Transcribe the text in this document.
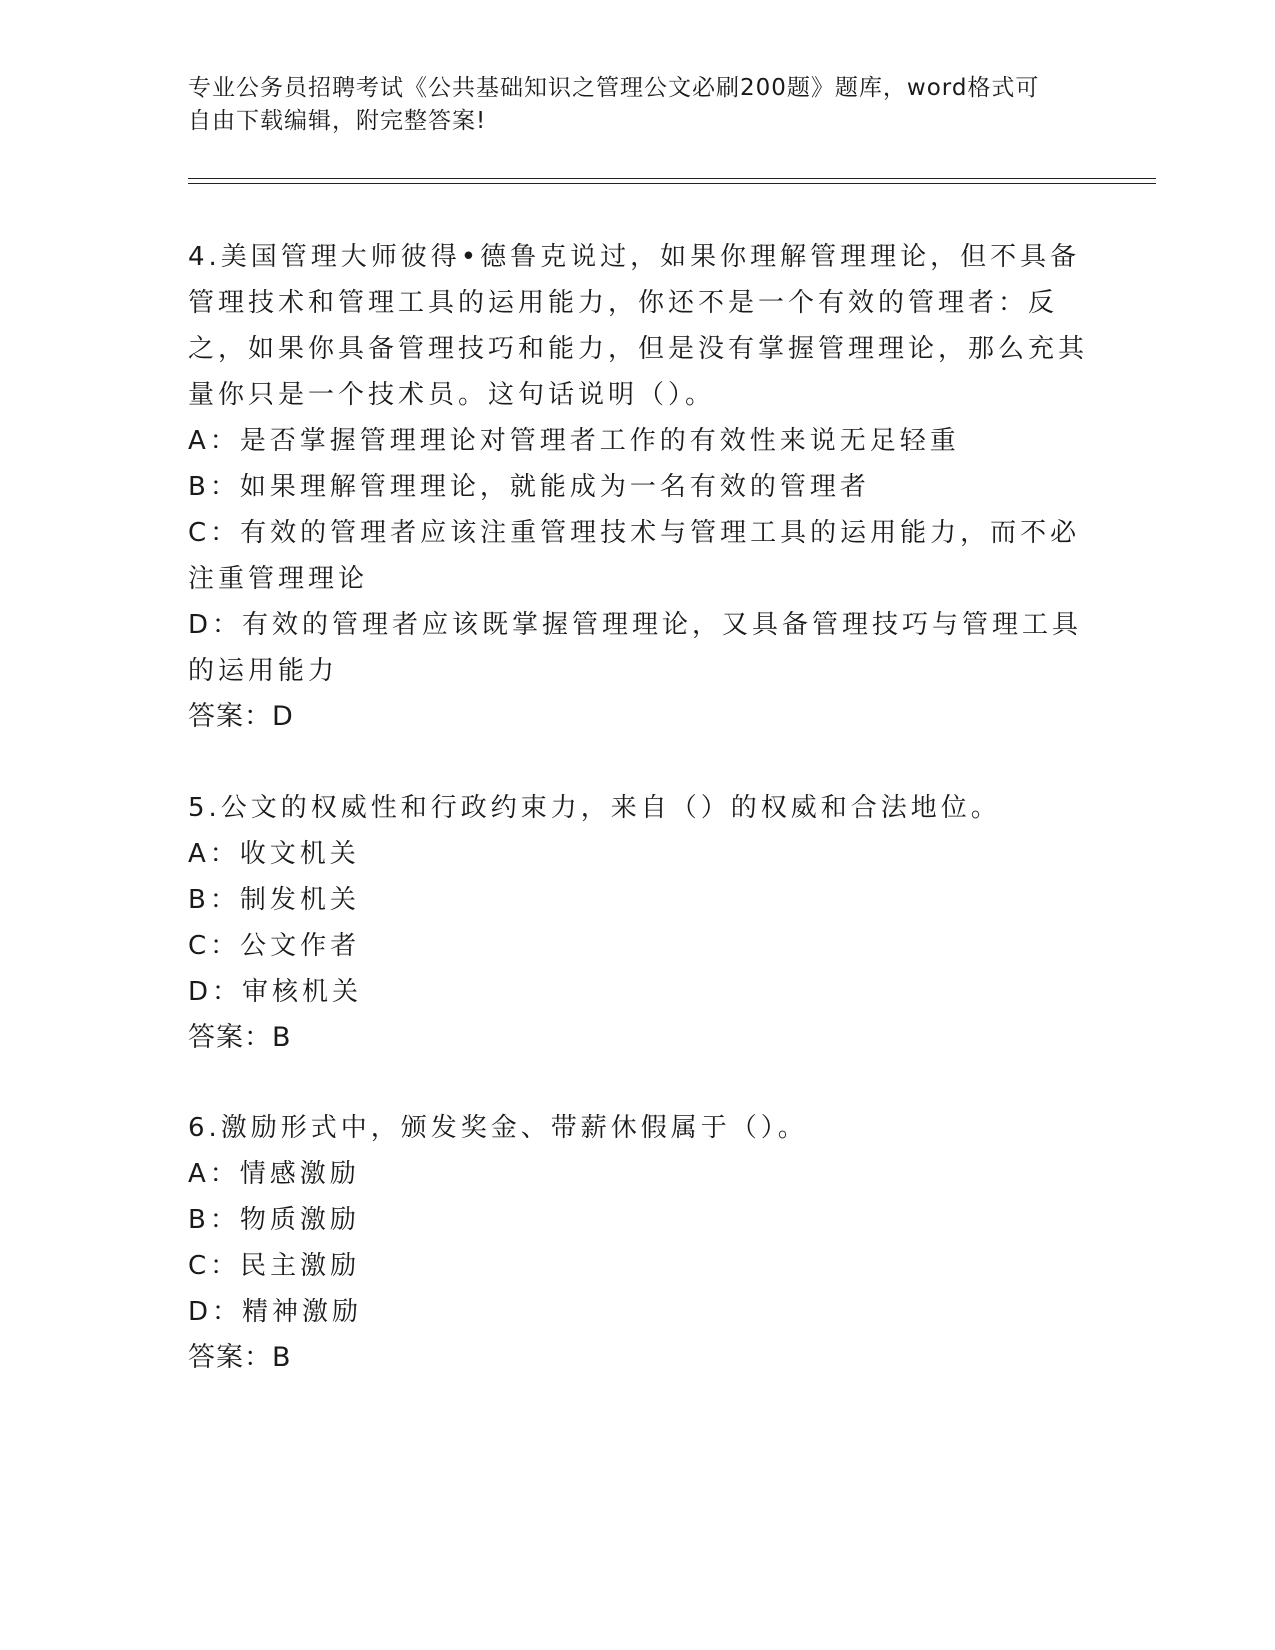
专业公务员招聘考试《公共基础知识之管理公文必刷200题》题库，word格式可
自由下载编辑，附完整答案!

4.美国管理大师彼得•德鲁克说过，如果你理解管理理论，但不具备管理技术和管理工具的运用能力，你还不是一个有效的管理者：反之，如果你具备管理技巧和能力，但是没有掌握管理理论，那么充其量你只是一个技术员。这句话说明（）。

A：是否掌握管理理论对管理者工作的有效性来说无足轻重

B：如果理解管理理论，就能成为一名有效的管理者

C：有效的管理者应该注重管理技术与管理工具的运用能力，而不必注重管理理论

D：有效的管理者应该既掌握管理理论，又具备管理技巧与管理工具的运用能力

答案：D

5.公文的权威性和行政约束力，来自（）的权威和合法地位。

A：收文机关

B：制发机关

C：公文作者

D：审核机关

答案：B

6.激励形式中，颁发奖金、带薪休假属于（）。

A：情感激励

B：物质激励

C：民主激励

D：精神激励

答案：B
